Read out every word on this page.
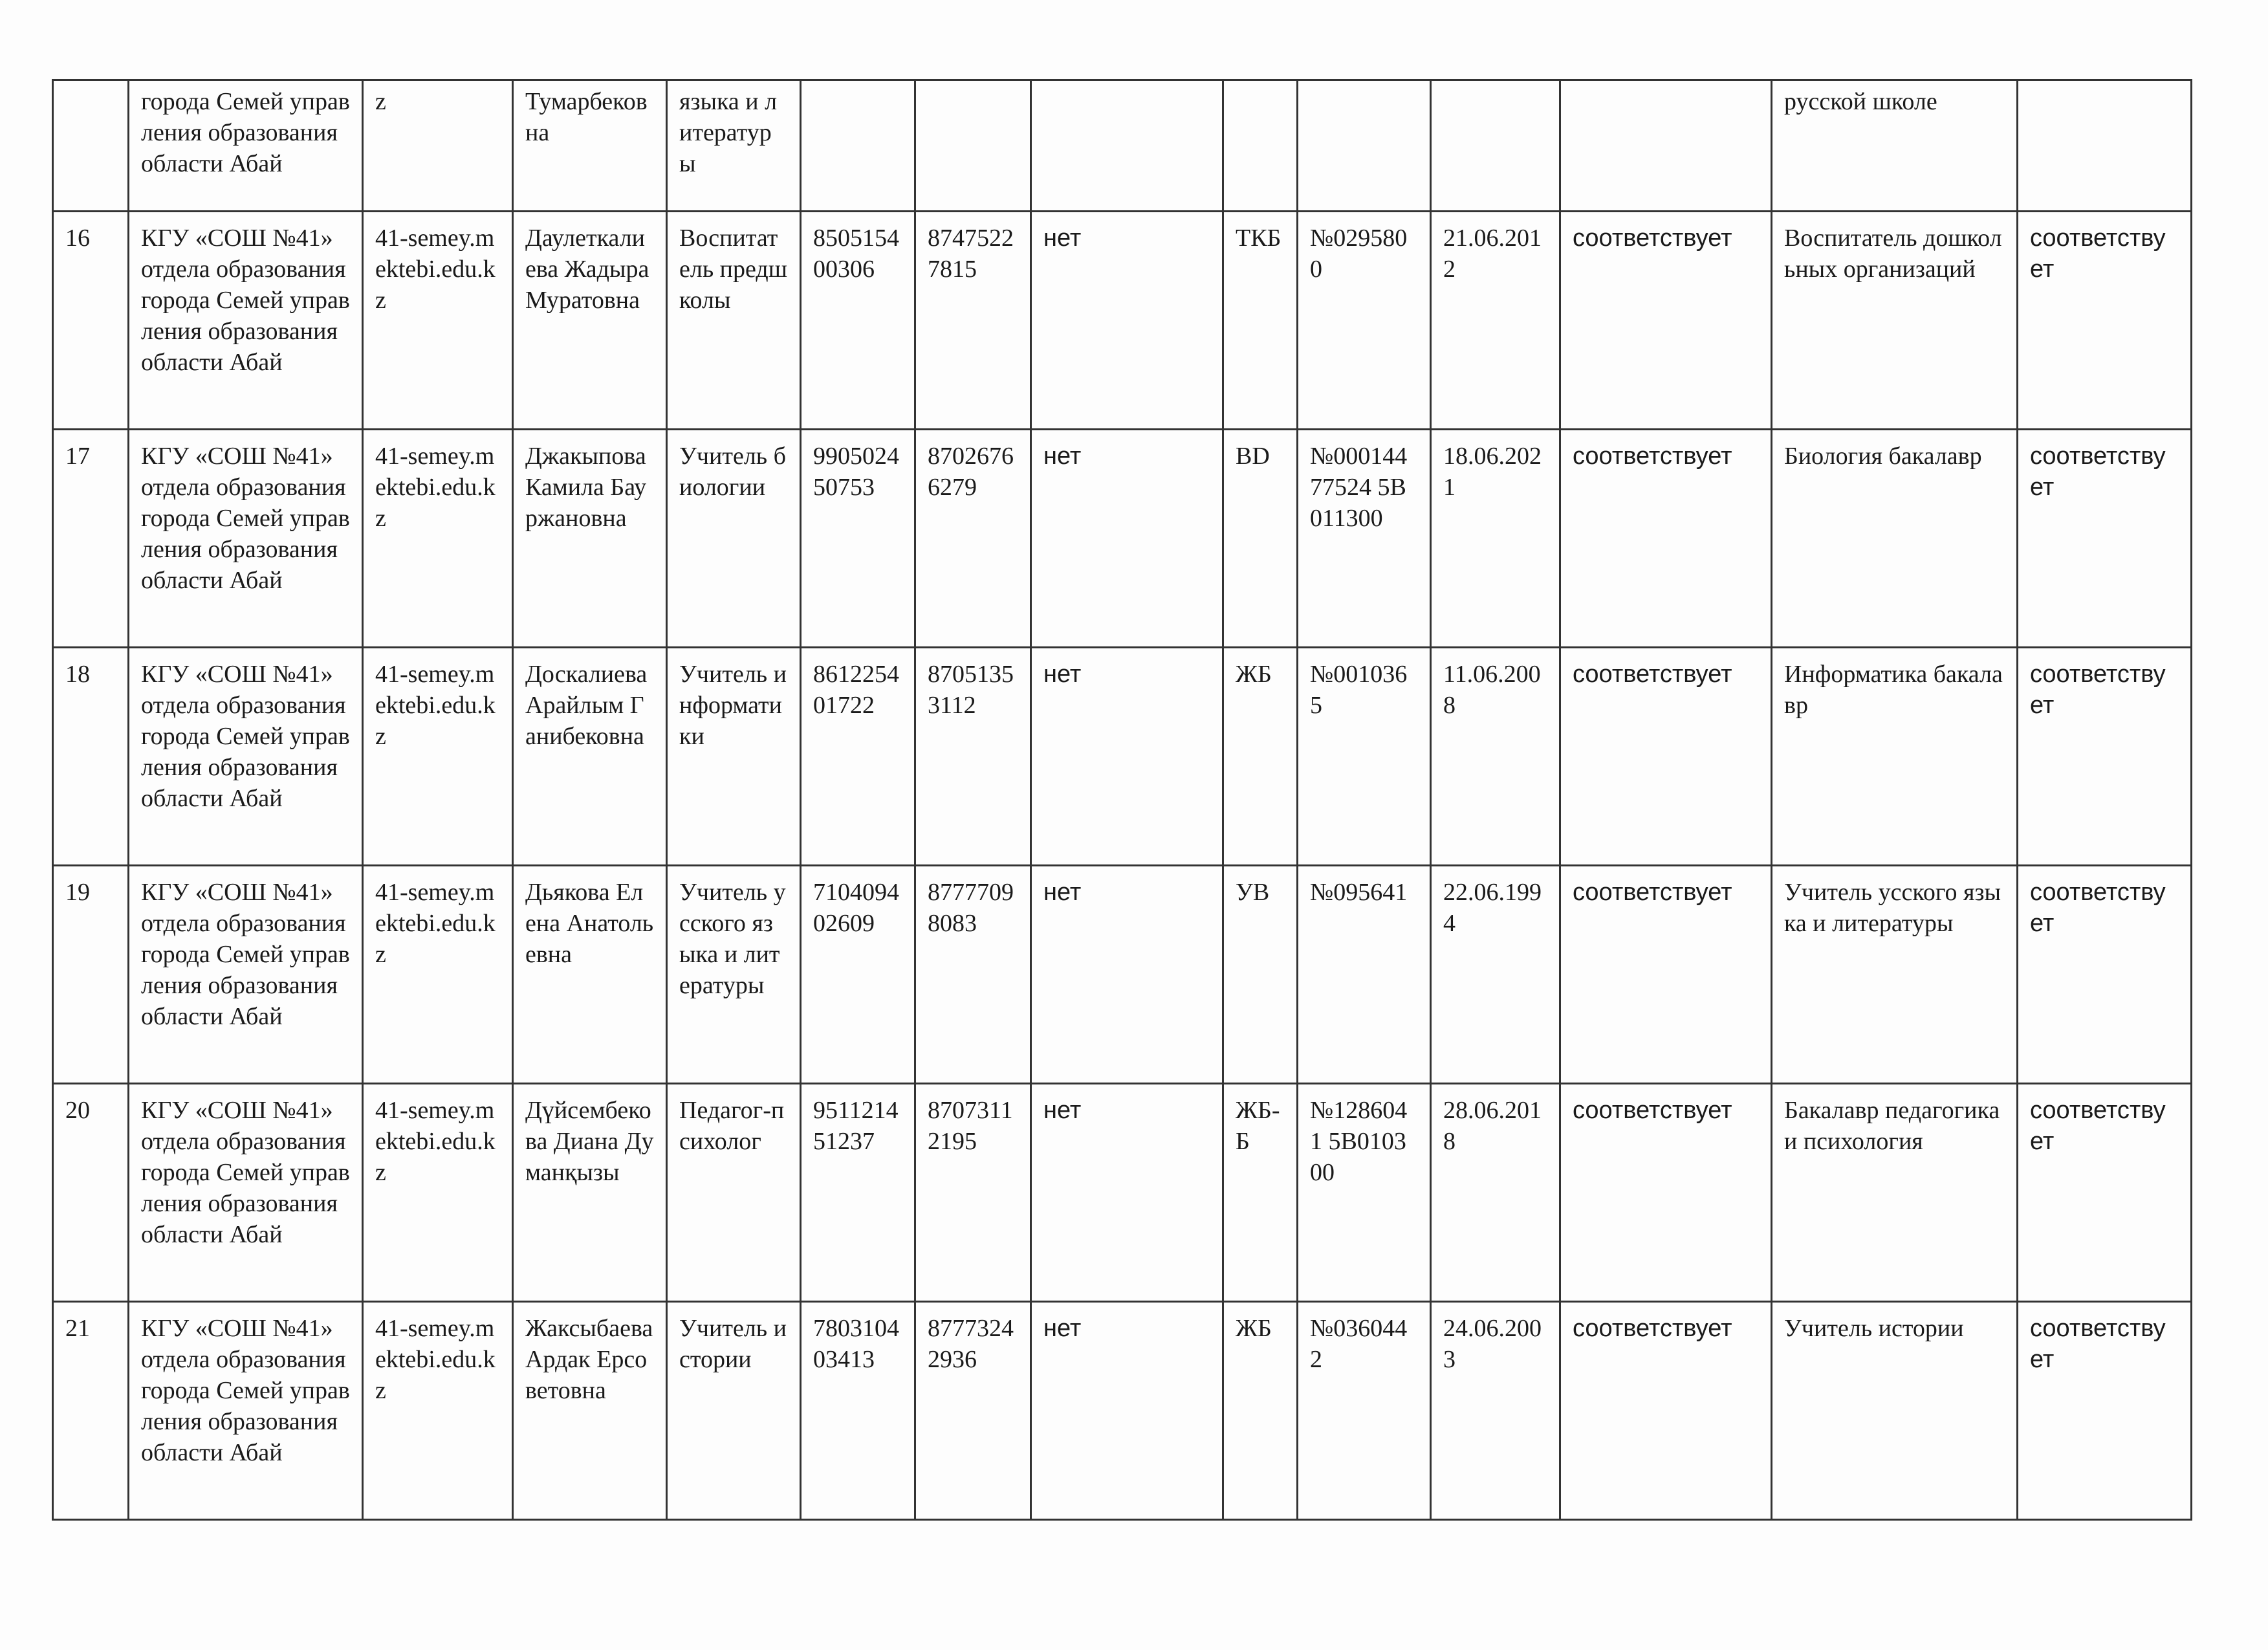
	города Семей управления образования области Абай	z	Тумарбековна	языка и литературы								русской школе	
16	КГУ «СОШ №41» отдела образования города Семей управления образования области Абай	41-semey.mektebi.edu.kz	Даулеткалиева Жадыра Муратовна	Воспитатель предшколы	850515400306	87475227815	нет	ТКБ	№0295800	21.06.2012	соответствует	Воспитатель дошкольных организаций	соответствует
17	КГУ «СОШ №41» отдела образования города Семей управления образования области Абай	41-semey.mektebi.edu.kz	Джакыпова Камила Бауржановна	Учитель биологии	990502450753	87026766279	нет	BD	№00014477524 5В011300	18.06.2021	соответствует	Биология бакалавр	соответствует
18	КГУ «СОШ №41» отдела образования города Семей управления образования области Абай	41-semey.mektebi.edu.kz	Доскалиева Арайлым Ганибековна	Учитель информатики	861225401722	87051353112	нет	ЖБ	№0010365	11.06.2008	соответствует	Информатика бакалавр	соответствует
19	КГУ «СОШ №41» отдела образования города Семей управления образования области Абай	41-semey.mektebi.edu.kz	Дьякова Елена Анатольевна	Учитель усского языка и литературы	710409402609	87777098083	нет	УВ	№095641	22.06.1994	соответствует	Учитель усского языка и литературы	соответствует
20	КГУ «СОШ №41» отдела образования города Семей управления образования области Абай	41-semey.mektebi.edu.kz	Дүйсембекова Диана Думанқызы	Педагог-психолог	951121451237	87073112195	нет	ЖБ-Б	№1286041 5В010300	28.06.2018	соответствует	Бакалавр педагогика и психология	соответствует
21	КГУ «СОШ №41» отдела образования города Семей управления образования области Абай	41-semey.mektebi.edu.kz	Жаксыбаева Ардак Ерсоветовна	Учитель истории	780310403413	87773242936	нет	ЖБ	№0360442	24.06.2003	соответствует	Учитель истории	соответствует
